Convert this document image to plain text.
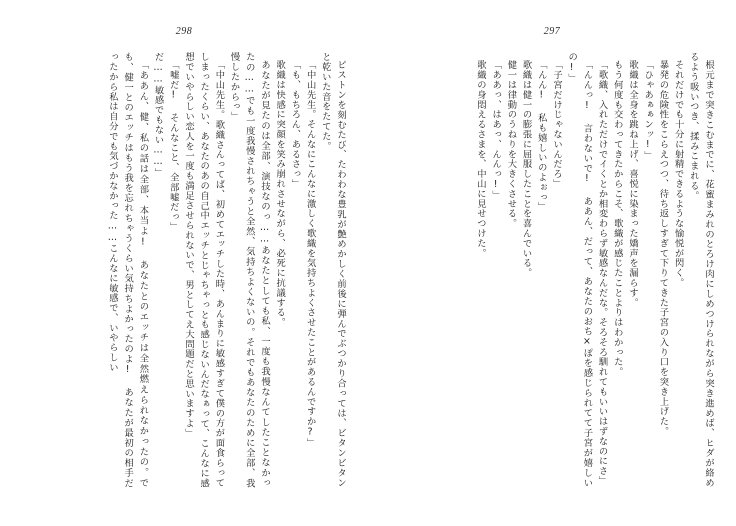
297
根元まで突きこむまでに、花蜜まみれのとろけ肉にしめつけられながら突き進めば、ヒダが絡めるよう吸いつき、揉みこまれる。
それだけでも十分に射精できるような愉悦が閃く。
暴発の危険性をこらえつつ、待ち返しすぎて下りてきた子宮の入り口を突き上げた。
「ひゃあぁぁンッ!」
歌織は全身を跳ね上げ、喜悦に染まった嬌声を漏らす。
もう何度も交わってきたからこそ、歌織が感じたことよりはわかった。
「歌織、入れただけでイくとか相変わらず敏感なんだな。そろそろ馴れてもいいはずなのにさ」
「んんっ! 言わないで! ああん、だって、あなたのおち×ぽを感じられてて子宮が嬉しいの!」
「子宮だけじゃないんだろ」
「んん! 私も嬉しいのよぉっ」
歌織は健一の膨張に屈服したことを喜んでいる。
健一は律動のうねりを大きくさせる。
「ああっ、はあっ、んんっ!」
歌織の身悶えるさまを、中山に見せつけた。
298
ピストンを刻むたび、たわわな豊乳が艶めかしく前後に弾んでぶつかり合っては、ビタンビタンと乾いた音をたてた。
「中山先生。そんなにこんなに激しく歌織を気持ちよくさせたことがあるんですか?」
「も、もちろん、あるさっ」
歌織は快感に突顔を笑み崩れさせながら、必死に抗議する。
あなたが見たのは全部、演技なのっ……あなたとしても私、一度も我慢なんてしたことなかったの……でも一度我慢されちゃうと全然、気持ちよくないの。それでもあなたのために全部、我慢したからっ」
「中山先生。歌織さんってば、初めてエッチした時、あんまりに敏感すぎて僕の方が面食らってしまったくらい、あなたのあの自己中エッチとじゃちゃっとも感じないんだなぁって、こんなに感想でいやらしい恋人を一度も満足させられないで、男としてえ大問題だと思いますよ」
「嘘だ! そんなこと、全部嘘だっ」
だ……敏感でもない……」
「ああん、健、私の話は全部、本当よ! あなたとのエッチは全然燃えられなかったの。でも、健一とのエッチはもう我を忘れちゃうくらい気持ちよかったのよ! あなたが最初の相手だったから私は自分でも気づかなかった……こんなに敏感で、いやらしい
